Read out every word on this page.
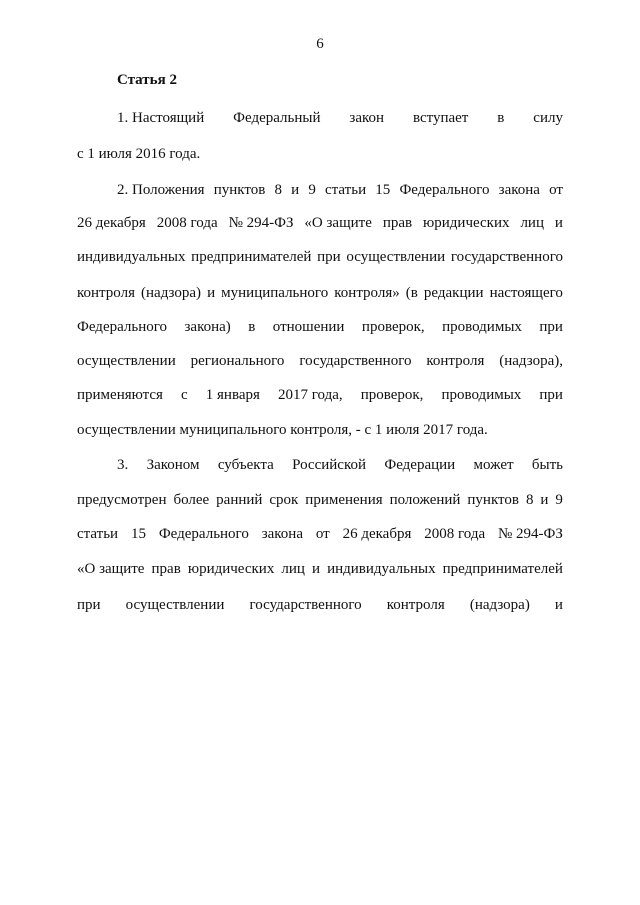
6
Статья 2
1. Настоящий Федеральный закон вступает в силу
с 1 июля 2016 года.
2. Положения пунктов 8 и 9 статьи 15 Федерального закона от
26 декабря 2008 года № 294-ФЗ «О защите прав юридических лиц и
индивидуальных предпринимателей при осуществлении государственного
контроля (надзора) и муниципального контроля» (в редакции настоящего
Федерального закона) в отношении проверок, проводимых при
осуществлении регионального государственного контроля (надзора),
применяются с 1 января 2017 года, проверок, проводимых при
осуществлении муниципального контроля, - с 1 июля 2017 года.
3. Законом субъекта Российской Федерации может быть
предусмотрен более ранний срок применения положений пунктов 8 и 9
статьи 15 Федерального закона от 26 декабря 2008 года № 294-ФЗ
«О защите прав юридических лиц и индивидуальных предпринимателей
при осуществлении государственного контроля (надзора) и
